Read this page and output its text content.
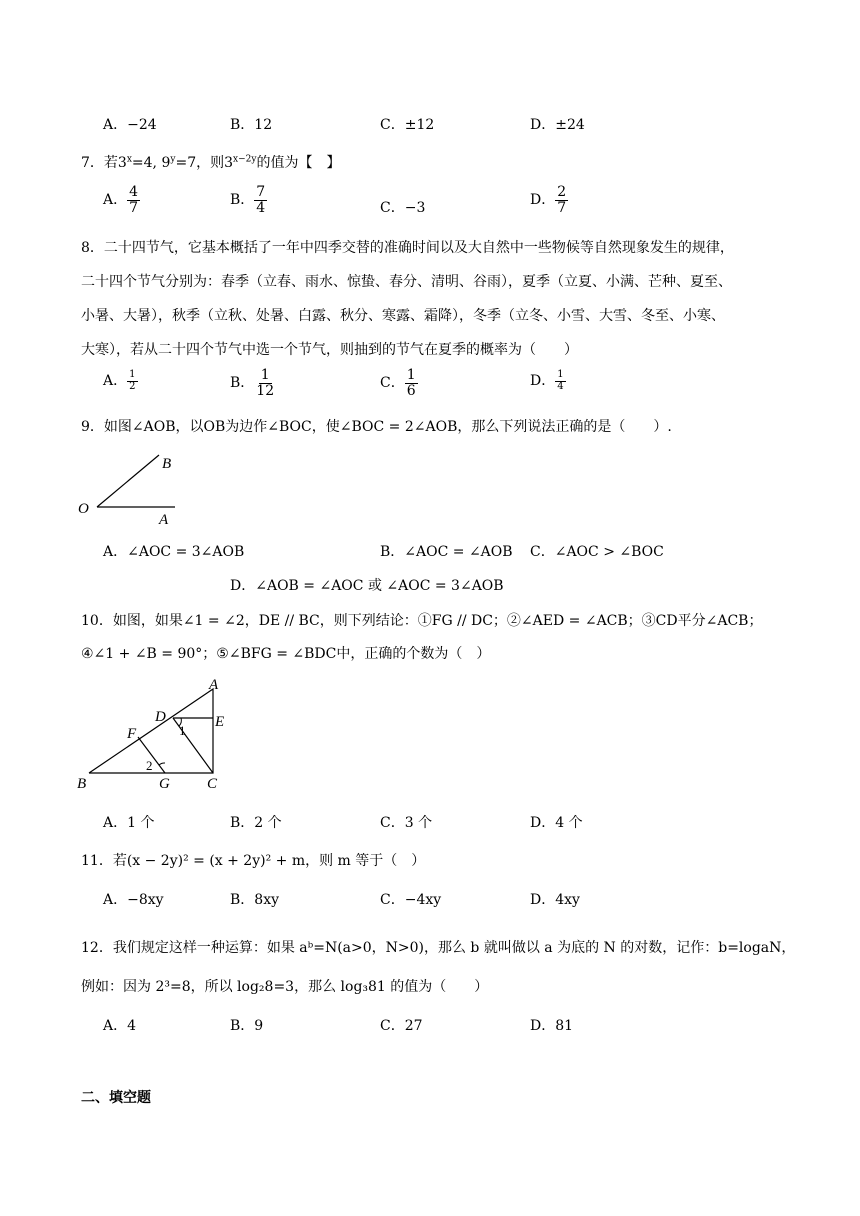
A．−24	B．12	C．±12	D．±24
7．若$3^x=4$, $9^y=7$，则$3^{x-2y}$的值为【　】
A． $\frac{4}{7}$	B． $\frac{7}{4}$	C．−3	D． $\frac{2}{7}$
8．二十四节气，它基本概括了一年中四季交替的准确时间以及大自然中一些物候等自然现象发生的规律，
二十四个节气分别为：春季（立春、雨水、惊蛰、春分、清明、谷雨），夏季（立夏、小满、芒种、夏至、
小暑、大暑），秋季（立秋、处暑、白露、秋分、寒露、霜降），冬季（立冬、小雪、大雪、冬至、小寒、
大寒），若从二十四个节气中选一个节气，则抽到的节气在夏季的概率为（　　）
A． $\frac{1}{2}$	B． $\frac{1}{12}$	C． $\frac{1}{6}$	D． $\frac{1}{4}$
9．如图∠AOB，以OB为边作∠BOC，使∠BOC = 2∠AOB，那么下列说法正确的是（　　）.
O
A
B
A．∠AOC = 3∠AOB	B．∠AOC = ∠AOB C．∠AOC > ∠BOC
D．∠AOB = ∠AOC 或 ∠AOC = 3∠AOB
10．如图，如果∠1 = ∠2，DE // BC，则下列结论：①FG // DC；②∠AED = ∠ACB；③CD平分∠ACB；
④∠1 + ∠B = 90°；⑤∠BFG = ∠BDC中，正确的个数为（　）
A
B	C
D	E
F
G
1
2
A．1 个	B．2 个	C．3 个	D．4 个
11．若(x − 2y)² = (x + 2y)² + m，则 m 等于（　）
A．−8xy	B．8xy	C．−4xy	D．4xy
12．我们规定这样一种运算：如果 aᵇ=N(a>0，N>0)，那么 b 就叫做以 a 为底的 N 的对数，记作：b=logaN，
例如：因为 2³=8，所以 log₂8=3，那么 log₃81 的值为（　　）
A．4	B．9	C．27	D．81
二、填空题
